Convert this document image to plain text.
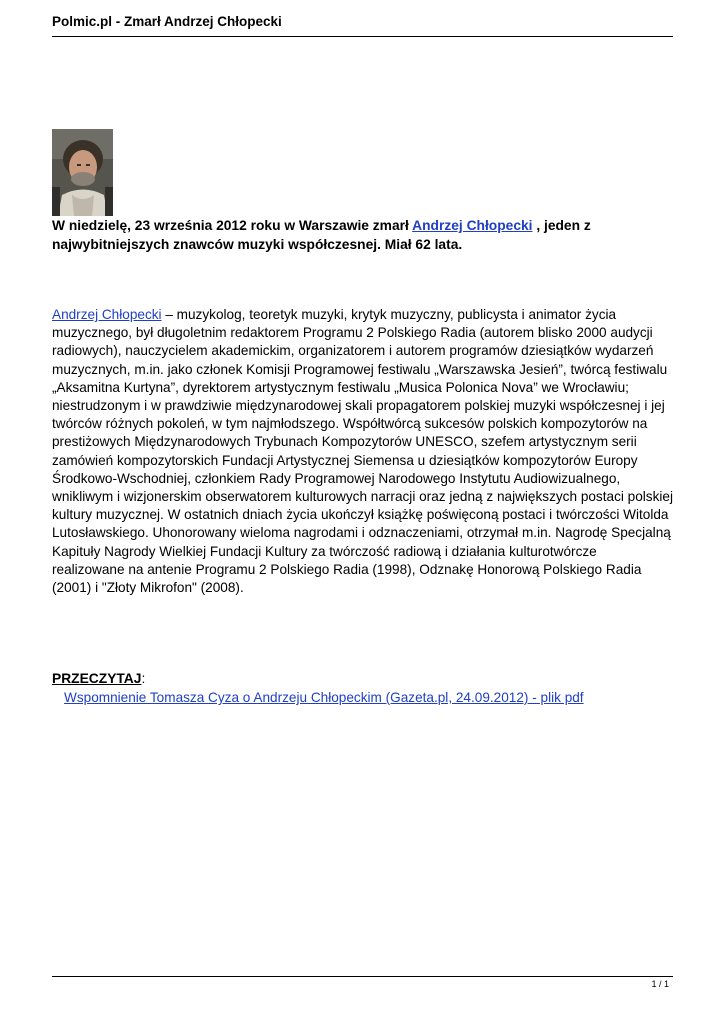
Polmic.pl - Zmarł Andrzej Chłopecki
W niedzielę, 23 września 2012 roku w Warszawie zmarł Andrzej Chłopecki , jeden z najwybitniejszych znawców muzyki współczesnej. Miał 62 lata.
Andrzej Chłopecki – muzykolog, teoretyk muzyki, krytyk muzyczny, publicysta i animator życia muzycznego, był długoletnim redaktorem Programu 2 Polskiego Radia (autorem blisko 2000 audycji radiowych), nauczycielem akademickim, organizatorem i autorem programów dziesiątków wydarzeń muzycznych, m.in. jako członek Komisji Programowej festiwalu „Warszawska Jesień”, twórcą festiwalu „Aksamitna Kurtyna”, dyrektorem artystycznym festiwalu „Musica Polonica Nova” we Wrocławiu; niestrudzonym i w prawdziwie międzynarodowej skali propagatorem polskiej muzyki współczesnej i jej twórców różnych pokoleń, w tym najmłodszego. Współtwórcą sukcesów polskich kompozytorów na prestiżowych Międzynarodowych Trybunach Kompozytorów UNESCO, szefem artystycznym serii zamówień kompozytorskich Fundacji Artystycznej Siemensa u dziesiątków kompozytorów Europy Środkowo-Wschodniej, członkiem Rady Programowej Narodowego Instytutu Audiowizualnego, wnikliwym i wizjonerskim obserwatorem kulturowych narracji oraz jedną z największych postaci polskiej kultury muzycznej. W ostatnich dniach życia ukończył książkę poświęconą postaci i twórczości Witolda Lutosławskiego. Uhonorowany wieloma nagrodami i odznaczeniami, otrzymał m.in. Nagrodę Specjalną Kapituły Nagrody Wielkiej Fundacji Kultury za twórczość radiową i działania kulturotwórcze realizowane na antenie Programu 2 Polskiego Radia (1998), Odznakę Honorową Polskiego Radia (2001) i "Złoty Mikrofon" (2008).
PRZECZYTAJ:
Wspomnienie Tomasza Cyza o Andrzeju Chłopeckim (Gazeta.pl, 24.09.2012) - plik pdf
1 / 1
